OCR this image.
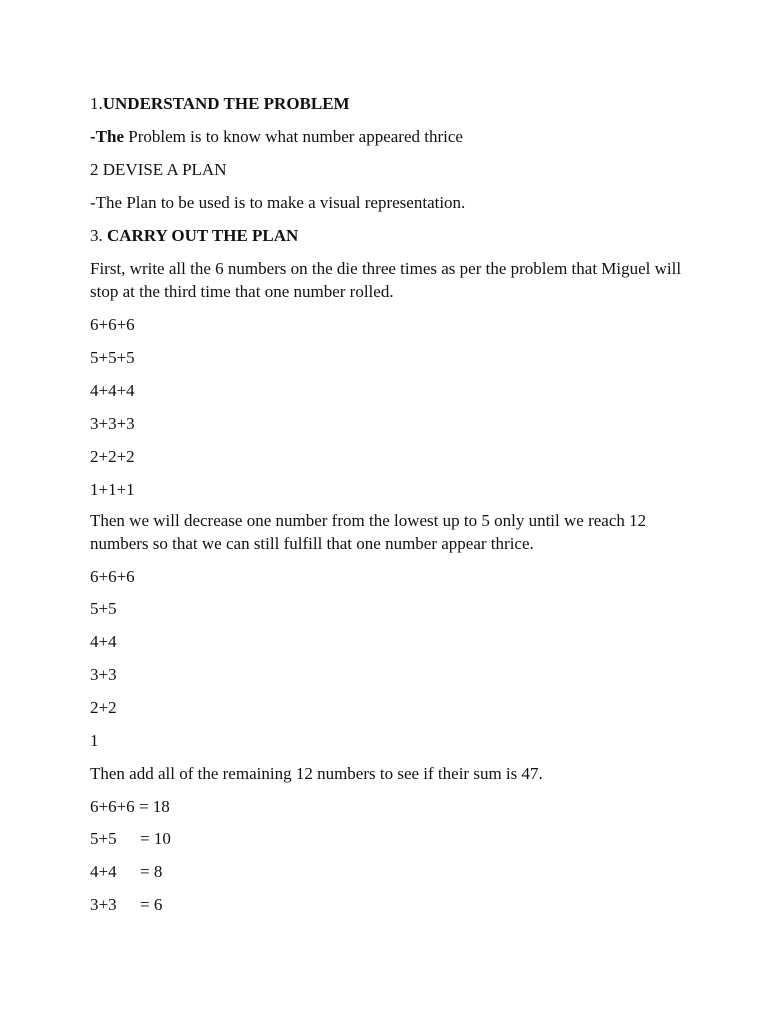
1.UNDERSTAND THE PROBLEM
-The Problem is to know what number appeared thrice
2 DEVISE A PLAN
-The Plan to be used is to make a visual representation.
3. CARRY OUT THE PLAN
First, write all the 6 numbers on the die three times as per the problem that Miguel will stop at the third time that one number rolled.
6+6+6
5+5+5
4+4+4
3+3+3
2+2+2
1+1+1
Then we will decrease one number from the lowest up to 5 only until we reach 12 numbers so that we can still fulfill that one number appear thrice.
6+6+6
5+5
4+4
3+3
2+2
1
Then add all of the remaining 12 numbers to see if their sum is 47.
6+6+6 = 18
5+5 = 10
4+4 = 8
3+3 = 6
